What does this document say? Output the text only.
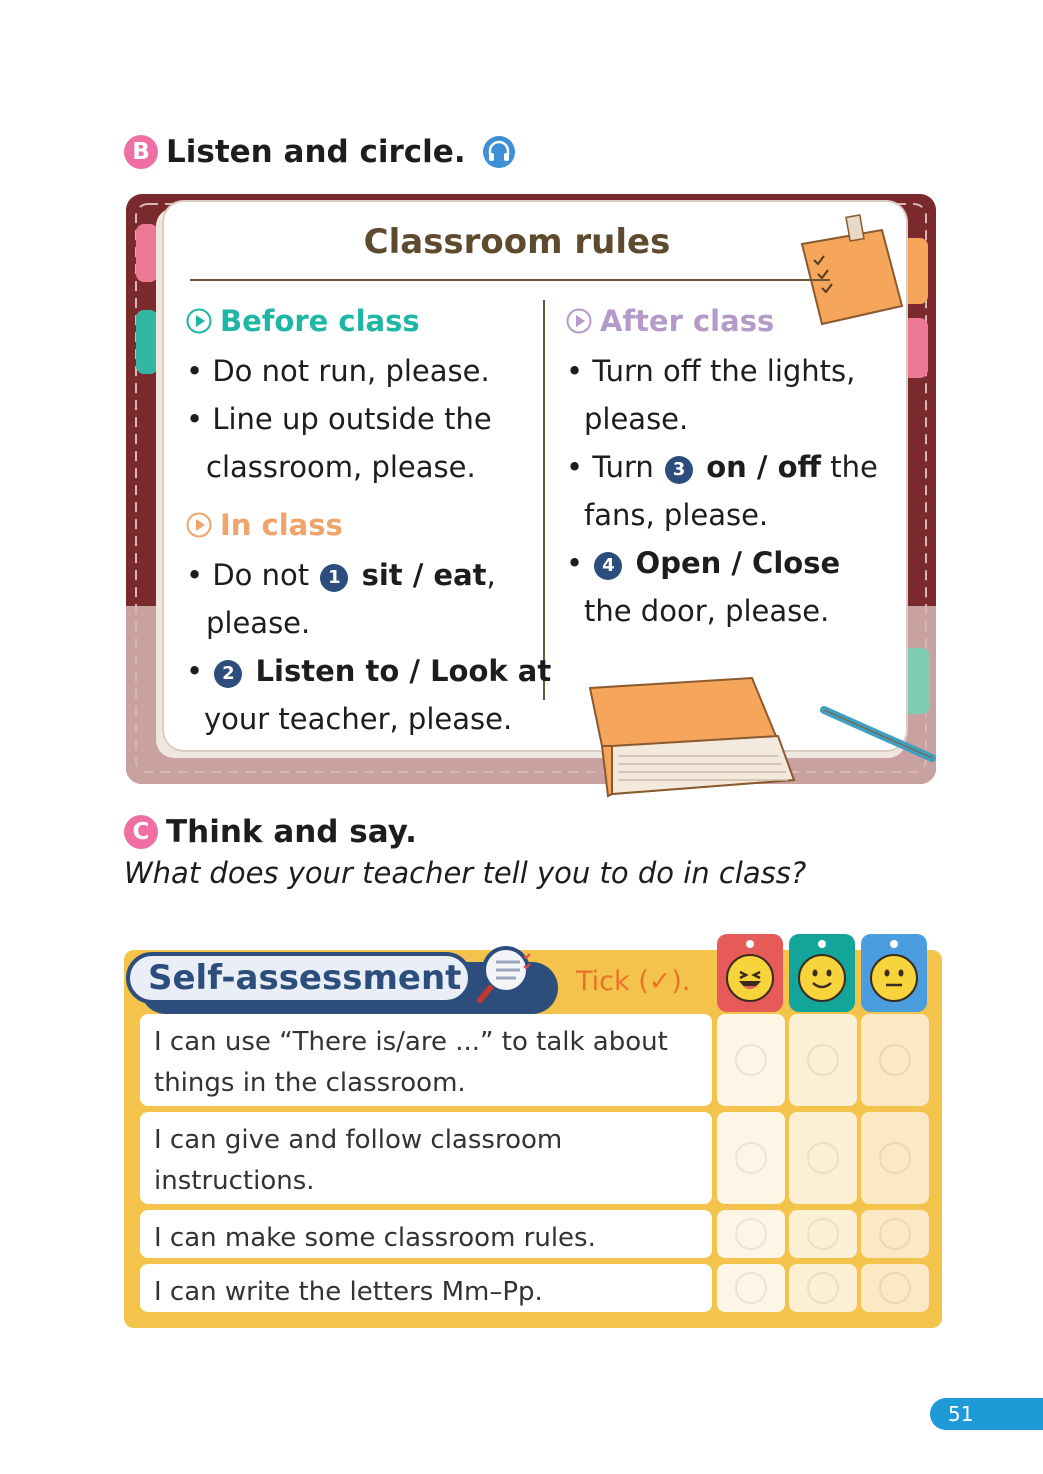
B Listen and circle.
Classroom rules
Before class
• Do not run, please.
• Line up outside the
classroom, please.
In class
• Do not 1 sit / eat,
please.
• 2 Listen to / Look at
your teacher, please.
After class
• Turn off the lights,
please.
• Turn 3 on / off the
fans, please.
• 4 Open / Close
the door, please.
C Think and say.
What does your teacher tell you to do in class?
Self-assessment	Tick (✓).
I can use “There is/are ...” to talk about things in the classroom.
I can give and follow classroom instructions.
I can make some classroom rules.
I can write the letters Mm–Pp.
51
